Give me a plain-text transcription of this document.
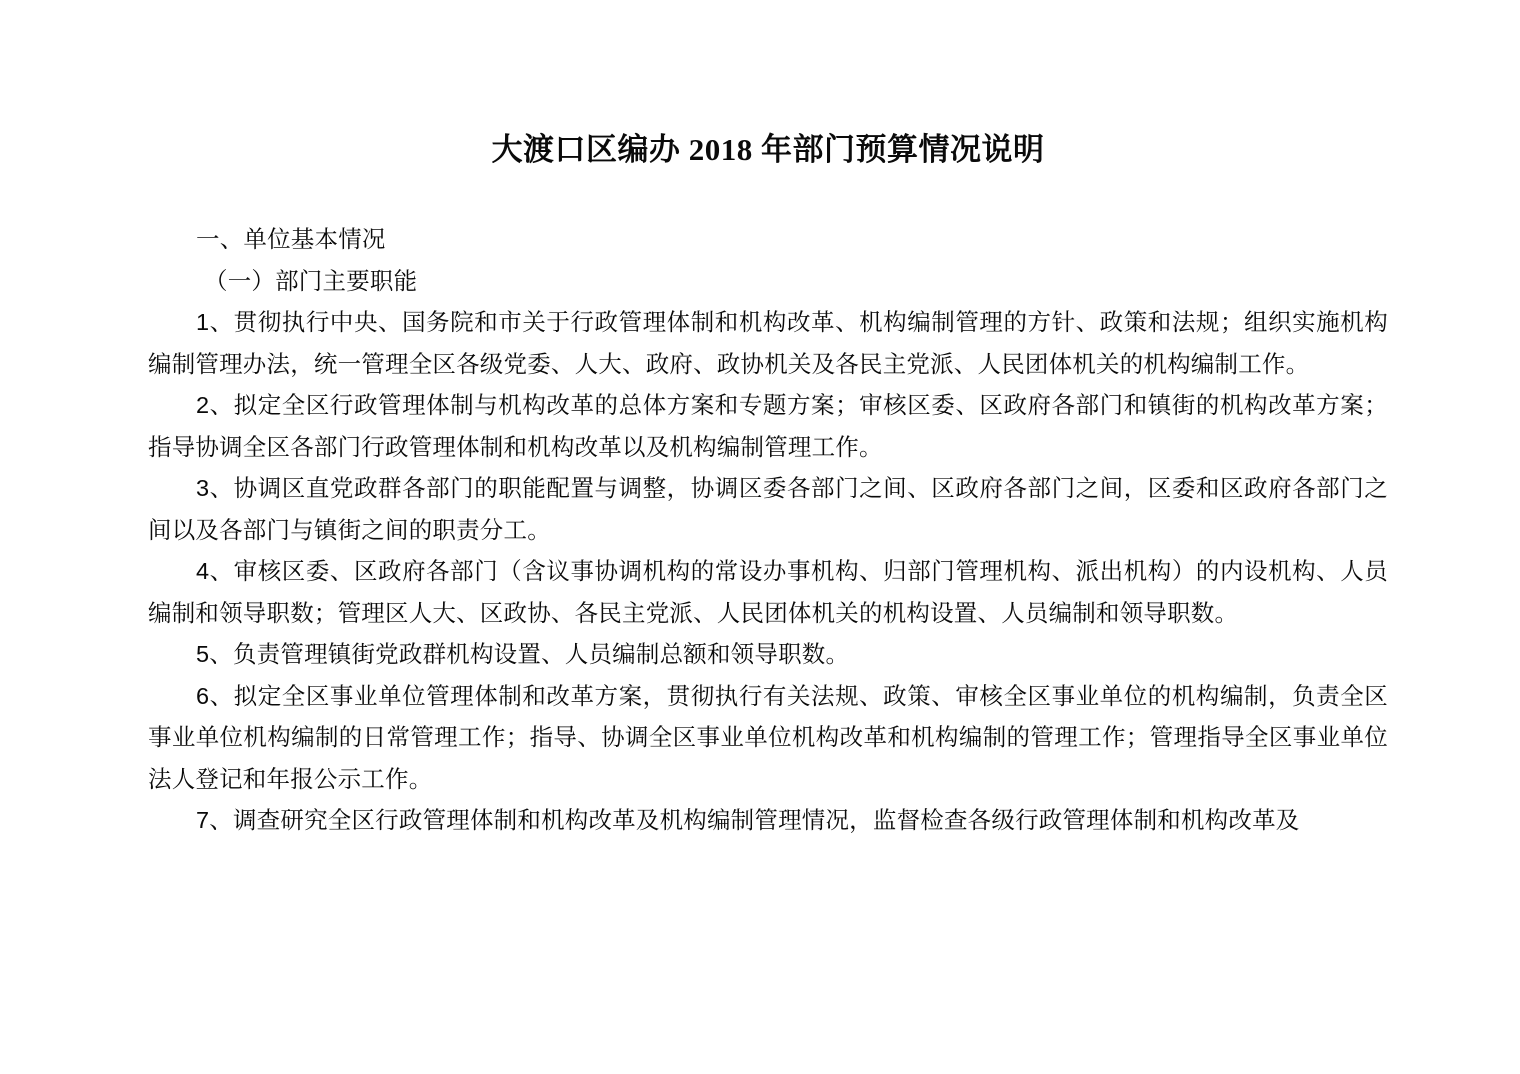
大渡口区编办 2018 年部门预算情况说明

一、单位基本情况

（一）部门主要职能

1、贯彻执行中央、国务院和市关于行政管理体制和机构改革、机构编制管理的方针、政策和法规；组织实施机构编制管理办法，统一管理全区各级党委、人大、政府、政协机关及各民主党派、人民团体机关的机构编制工作。

2、拟定全区行政管理体制与机构改革的总体方案和专题方案；审核区委、区政府各部门和镇街的机构改革方案；指导协调全区各部门行政管理体制和机构改革以及机构编制管理工作。

3、协调区直党政群各部门的职能配置与调整，协调区委各部门之间、区政府各部门之间，区委和区政府各部门之间以及各部门与镇街之间的职责分工。

4、审核区委、区政府各部门（含议事协调机构的常设办事机构、归部门管理机构、派出机构）的内设机构、人员编制和领导职数；管理区人大、区政协、各民主党派、人民团体机关的机构设置、人员编制和领导职数。

5、负责管理镇街党政群机构设置、人员编制总额和领导职数。

6、拟定全区事业单位管理体制和改革方案，贯彻执行有关法规、政策、审核全区事业单位的机构编制，负责全区事业单位机构编制的日常管理工作；指导、协调全区事业单位机构改革和机构编制的管理工作；管理指导全区事业单位法人登记和年报公示工作。

7、调查研究全区行政管理体制和机构改革及机构编制管理情况，监督检查各级行政管理体制和机构改革及
